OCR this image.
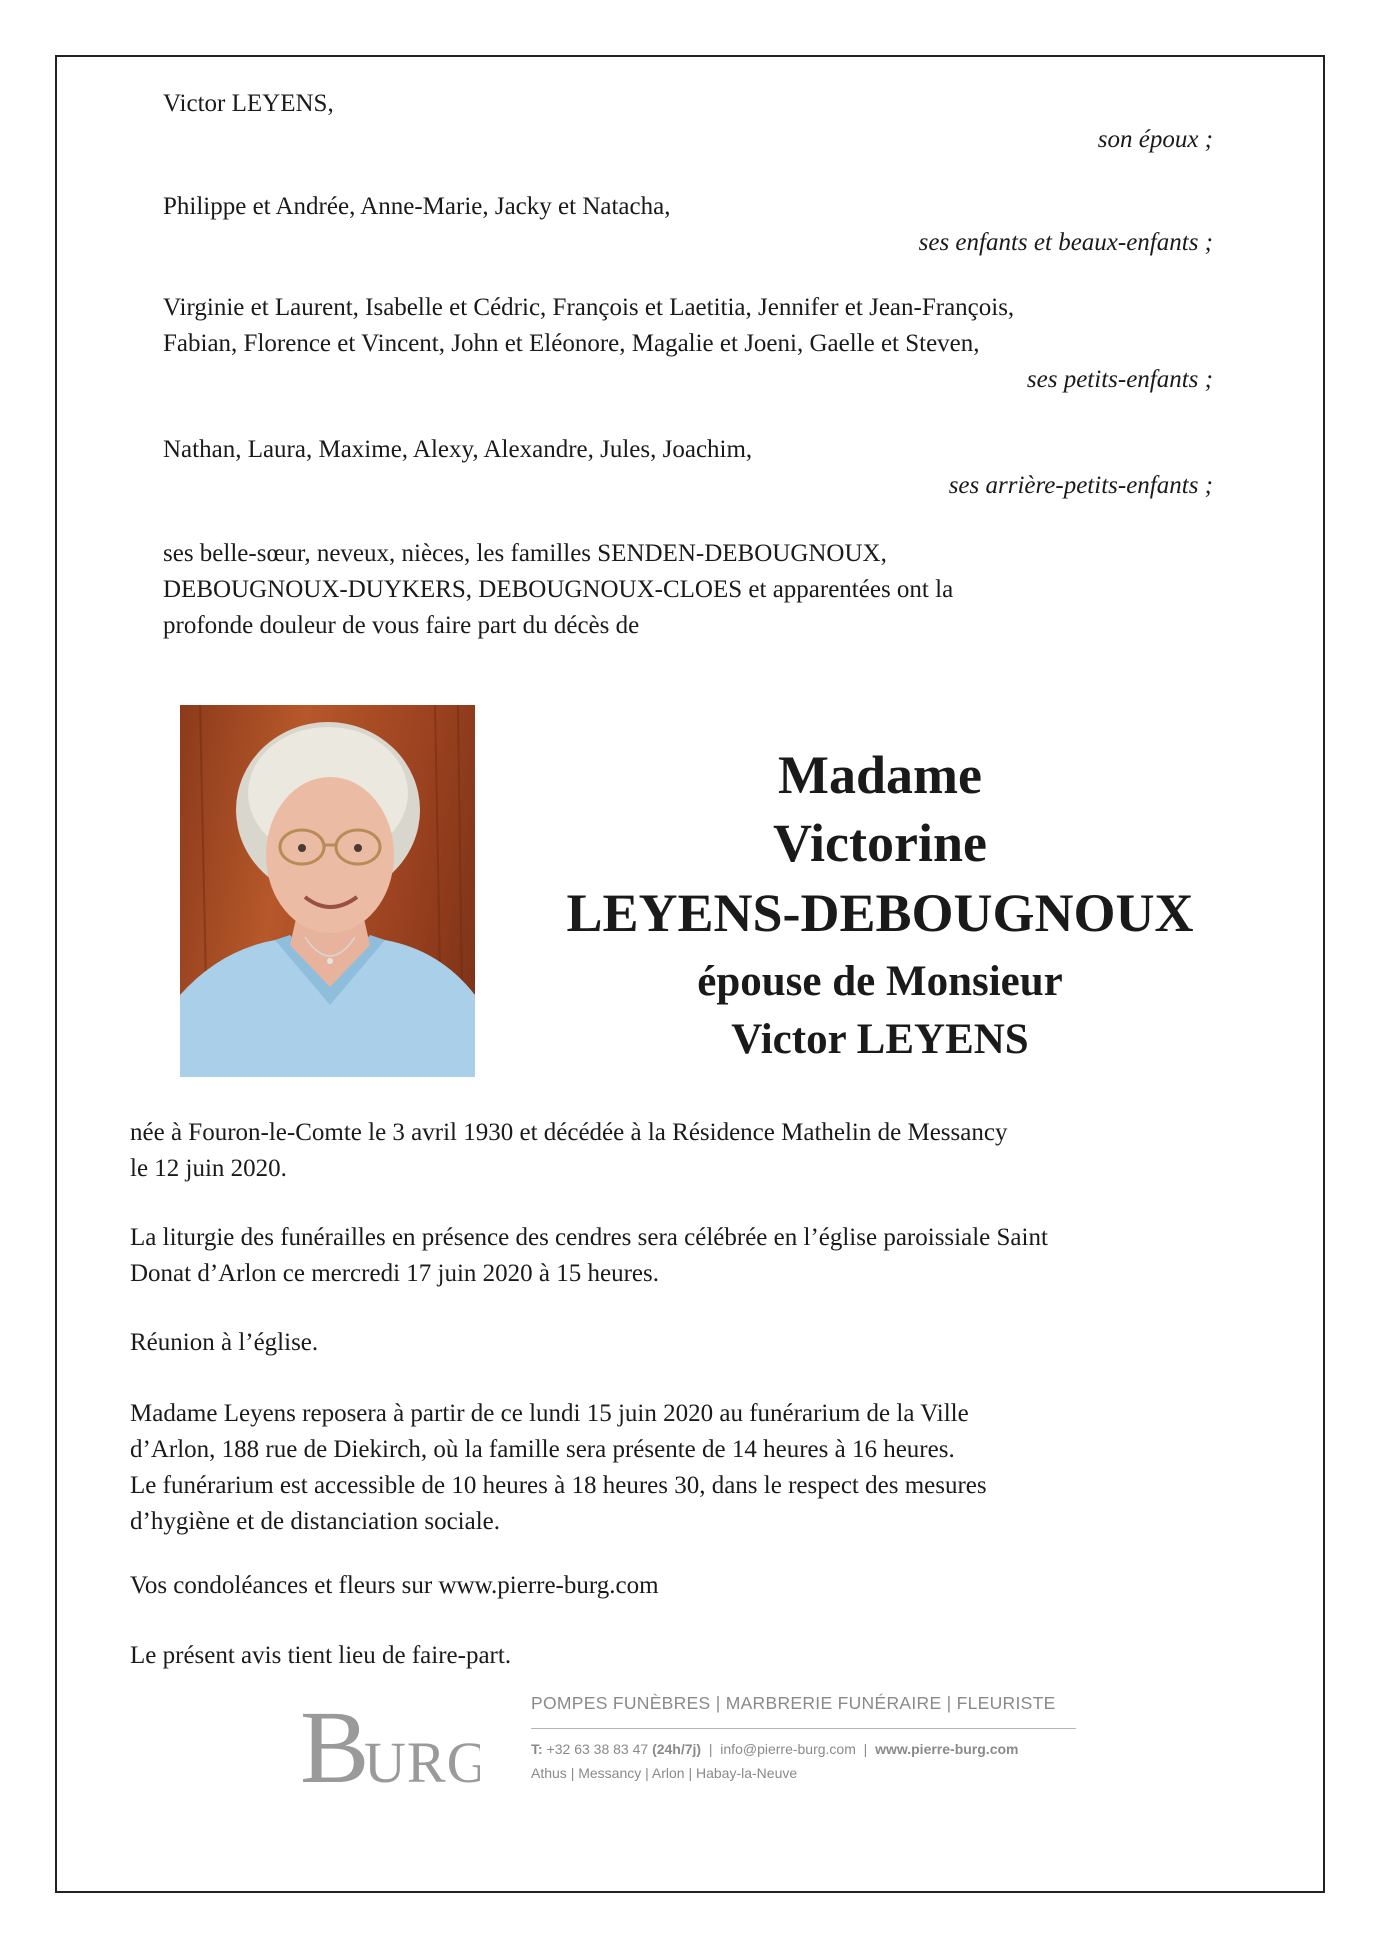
Victor LEYENS,

son époux ;

Philippe et Andrée, Anne-Marie, Jacky et Natacha,

ses enfants et beaux-enfants ;

Virginie et Laurent, Isabelle et Cédric, François et Laetitia, Jennifer et Jean-François,

Fabian, Florence et Vincent, John et Eléonore, Magalie et Joeni, Gaelle et Steven,

ses petits-enfants ;

Nathan, Laura, Maxime, Alexy, Alexandre, Jules, Joachim,

ses arrière-petits-enfants ;

ses belle-sœur, neveux, nièces, les familles SENDEN-DEBOUGNOUX,

DEBOUGNOUX-DUYKERS, DEBOUGNOUX-CLOES et apparentées ont la

profonde douleur de vous faire part du décès de

Madame
Victorine
LEYENS-DEBOUGNOUX
épouse de Monsieur
Victor LEYENS

née à Fouron-le-Comte le 3 avril 1930 et décédée à la Résidence Mathelin de Messancy

le 12 juin 2020.

La liturgie des funérailles en présence des cendres sera célébrée en l’église paroissiale Saint

Donat d’Arlon ce mercredi 17 juin 2020 à 15 heures.

Réunion à l’église.

Madame Leyens reposera à partir de ce lundi 15 juin 2020 au funérarium de la Ville

d’Arlon, 188 rue de Diekirch, où la famille sera présente de 14 heures à 16 heures.

Le funérarium est accessible de 10 heures à 18 heures 30, dans le respect des mesures

d’hygiène et de distanciation sociale.

Vos condoléances et fleurs sur www.pierre-burg.com

Le présent avis tient lieu de faire-part.

B
URG
POMPES FUNÈBRES | MARBRERIE FUNÉRAIRE | FLEURISTE
T: +32 63 38 83 47 (24h/7j)  |  info@pierre-burg.com  |  www.pierre-burg.com
Athus | Messancy | Arlon | Habay-la-Neuve
